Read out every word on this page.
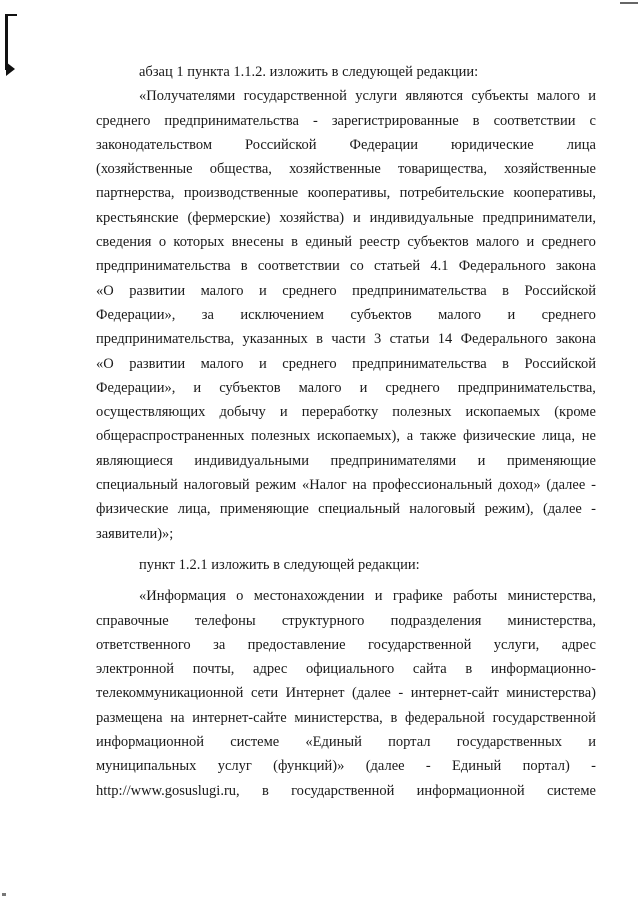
абзац 1 пункта 1.1.2. изложить в следующей редакции:
«Получателями государственной услуги являются субъекты малого и
среднего предпринимательства - зарегистрированные в соответствии с
законодательством Российской Федерации юридические лица
(хозяйственные общества, хозяйственные товарищества, хозяйственные
партнерства, производственные кооперативы, потребительские кооперативы,
крестьянские (фермерские) хозяйства) и индивидуальные предприниматели,
сведения о которых внесены в единый реестр субъектов малого и среднего
предпринимательства в соответствии со статьей 4.1 Федерального закона
«О развитии малого и среднего предпринимательства в Российской
Федерации», за исключением субъектов малого и среднего
предпринимательства, указанных в части 3 статьи 14 Федерального закона
«О развитии малого и среднего предпринимательства в Российской
Федерации», и субъектов малого и среднего предпринимательства,
осуществляющих добычу и переработку полезных ископаемых (кроме
общераспространенных полезных ископаемых), а также физические лица, не
являющиеся индивидуальными предпринимателями и применяющие
специальный налоговый режим «Налог на профессиональный доход» (далее -
физические лица, применяющие специальный налоговый режим), (далее -
заявители)»;
пункт 1.2.1 изложить в следующей редакции:
«Информация о местонахождении и графике работы министерства,
справочные телефоны структурного подразделения министерства,
ответственного за предоставление государственной услуги, адрес
электронной почты, адрес официального сайта в информационно-
телекоммуникационной сети Интернет (далее - интернет-сайт министерства)
размещена на интернет-сайте министерства, в федеральной государственной
информационной системе «Единый портал государственных и
муниципальных услуг (функций)» (далее - Единый портал) -
http://www.gosuslugi.ru, в государственной информационной системе
